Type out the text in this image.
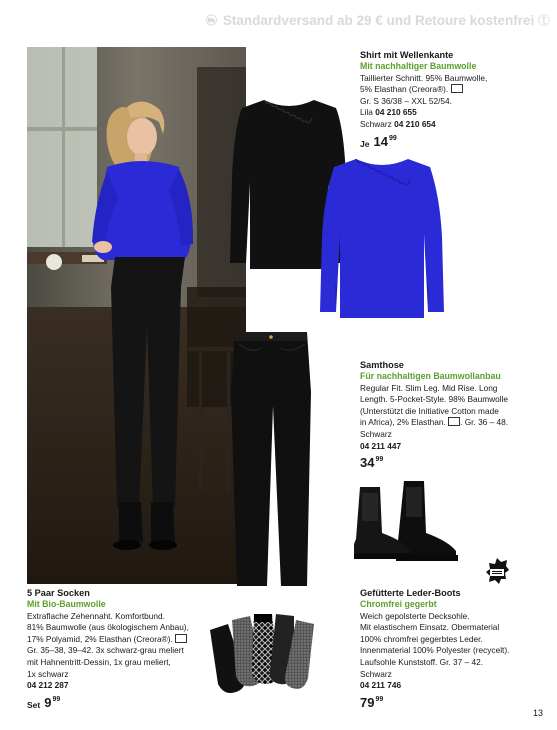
Standardversand ab 29 € und Retoure kostenfrei
Shirt mit Wellenkante
Mit nachhaltiger Baumwolle
Taillierter Schnitt. 95% Baumwolle,
5% Elasthan (Creora®).
Gr. S 36/38 – XXL 52/54.
Lila 04 210 655
Schwarz 04 210 654
Je 14 99
Samthose
Für nachhaltigen Baumwollanbau
Regular Fit. Slim Leg. Mid Rise. Long
Length. 5-Pocket-Style. 98% Baumwolle
(Unterstützt die Initiative Cotton made
in Africa), 2% Elasthan. . Gr. 36 – 48.
Schwarz
04 211 447
34 99
5 Paar Socken
Mit Bio-Baumwolle
Extraflache Zehennaht. Komfortbund.
81% Baumwolle (aus ökologischem Anbau),
17% Polyamid, 2% Elasthan (Creora®).
Gr. 35–38, 39–42. 3x schwarz-grau meliert
mit Hahnentritt-Dessin, 1x grau meliert,
1x schwarz
04 212 287
Set 9 99
Gefütterte Leder-Boots
Chromfrei gegerbt
Weich gepolsterte Decksohle.
Mit elastischem Einsatz. Obermaterial
100% chromfrei gegerbtes Leder.
Innenmaterial 100% Polyester (recycelt).
Laufsohle Kunststoff. Gr. 37 – 42.
Schwarz
04 211 746
79 99
13
